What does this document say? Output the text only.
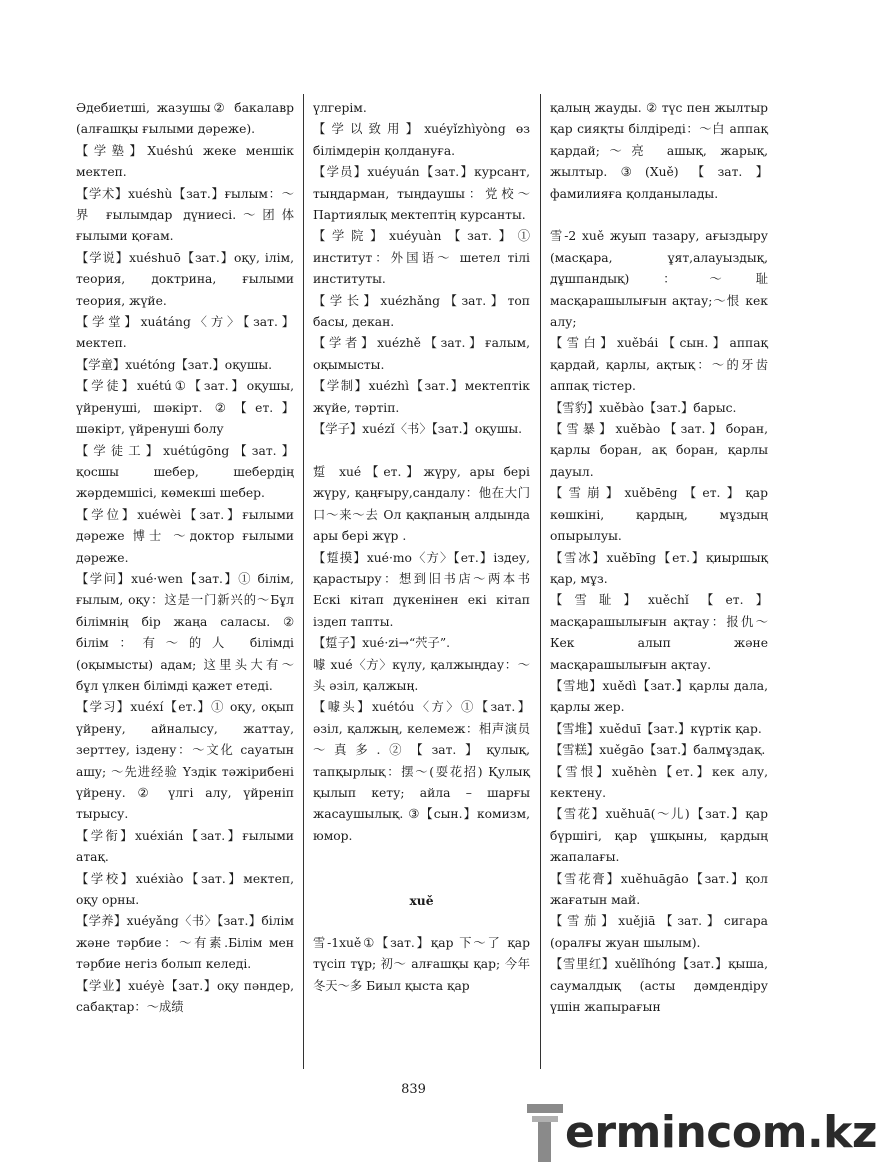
Әдебиетші, жазушы② бакалавр (алғашқы ғылыми дәреже).

【学塾】Xuéshú жеке меншік мектеп.

【学术】xuéshù【зат.】ғылым：～界 ғылымдар дүниесі.～团体 ғылыми қоғам.

【学说】xuéshuō【зат.】оқу, ілім, теория, доктрина, ғылыми теория, жүйе.

【学堂】xuátáng〈方〉【зат.】мектеп.

【学童】xuétóng【зат.】оқушы.

【学徒】xuétú①【зат.】оқушы, үйренуші, шәкірт. ②【ет.】шәкірт, үйренуші болу

【学徒工】xuétúgōng【зат.】қосшы шебер, шебердің жәрдемшісі, көмекші шебер.

【学位】xuéwèi【зат.】ғылыми дәреже 博士 ～доктор ғылыми дәреже.

【学问】xué·wen【зат.】① білім, ғылым, оқу：这是一门新兴的～Бұл білімнің бір жаңа саласы. ② білім：有～的人 білімді (оқымысты) адам; 这里头大有～ бұл үлкен білімді қажет етеді.

【学习】xuéxí【ет.】① оқу, оқып үйрену, айналысу, жаттау, зерттеу, ізденy：～文化 сауатын ашу; ～先进经验 Үздік тәжірибені үйрену. ② үлгі алу, үйреніп тырысу.

【学衔】xuéxián【зат.】ғылыми атақ.

【学校】xuéxiào【зат.】мектеп, оқу орны.

【学养】xuéyǎng〈书〉【зат.】білім және тәрбие：～有素.Білім мен тәрбие негіз болып келеді.

【学业】xuéyè【зат.】оқу пәндер, сабақтар：～成绩

үлгерім.

【学以致用】xuéyǐzhìyòng өз білімдерін қолдануға.

【学员】xuéyuán【зат.】курсант, тыңдарман, тыңдаушы：党校～Партиялық мектептің курсанты.

【学院】xuéyuàn【зат.】① институт：外国语～ шетел тілі институты.

【学长】xuézhǎng【зат.】топ басы, декан.

【学者】xuézhě【зат.】ғалым, оқымысты.

【学制】xuézhì【зат.】мектептік жүйе, тәртіп.

【学子】xuézǐ〈书〉【зат.】оқушы.

踅 xué【ет.】жүру, ары бері жүру, қаңғыру,сандалу：他在大门口～来～去 Ол қақпаның алдында ары бері жүр .

【踅摸】xué·mo〈方〉【ет.】іздеу, қарастыру：想到旧书店～两本书 Ескі кітап дүкенінен екі кітап іздеп тапты.

【踅子】xué·zi→“茓子”.

噱 xué〈方〉күлу, қалжыңдау：～头 әзіл, қалжың.

【噱头】xuétóu〈方〉①【зат.】әзіл, қалжың, келемеж：相声演员～真多.②【зат.】қулық, тапқырлық：摆～(耍花招) Қулық қылып кету; айла – шарғы жасаушылық. ③【сын.】комизм, юмор.

xuě

雪-1xuě①【зат.】қар 下～了 қар түсіп тұр; 初～ алғашқы қар; 今年冬天～多 Биыл қыста қар

қалың жауды. ② түс пен жылтыр қар сияқты білдіреді：～白 аппақ қардай;～亮 ашық, жарық, жылтыр.③(Xuě)【зат.】фамилияға қолданылады.

雪-2 xuě жуып тазару, ағыздыру (масқара, ұят,алауыздық, дұшпандық)：～耻 масқарашылығын ақтау;～恨 кек алу;

【雪白】xuěbái【сын.】аппақ қардай, қарлы, ақтық：～的牙齿 аппақ тістер.

【雪豹】xuěbào【зат.】барыс.

【雪暴】xuěbào【зат.】боран, қарлы боран, ақ боран, қарлы дауыл.

【雪崩】xuěbēng【ет.】қар көшкіні, қардың, мұздың опырылуы.

【雪冰】xuěbīng【ет.】қиыршық қар, мұз.

【雪耻】xuěchǐ【ет.】масқарашылығын ақтау：报仇～ Кек алып және масқарашылығын ақтау.

【雪地】xuědì【зат.】қарлы дала, қарлы жер.

【雪堆】xuěduī【зат.】күртік қар.

【雪糕】xuěgāo【зат.】балмұздақ.

【雪恨】xuěhèn【ет.】кек алу, кектену.

【雪花】xuěhuā(～儿)【зат.】қар бүршігі, қар ұшқыны, қардың жапалағы.

【雪花膏】xuěhuāgāo【зат.】қол жағатын май.

【雪茄】xuějiā【зат.】сигара (оралғы жуан шылым).

【雪里红】xuělǐhóng【зат.】қыша, саумалдық (асты дәмдендіру үшін жапырағын

839
ermincom.kz
